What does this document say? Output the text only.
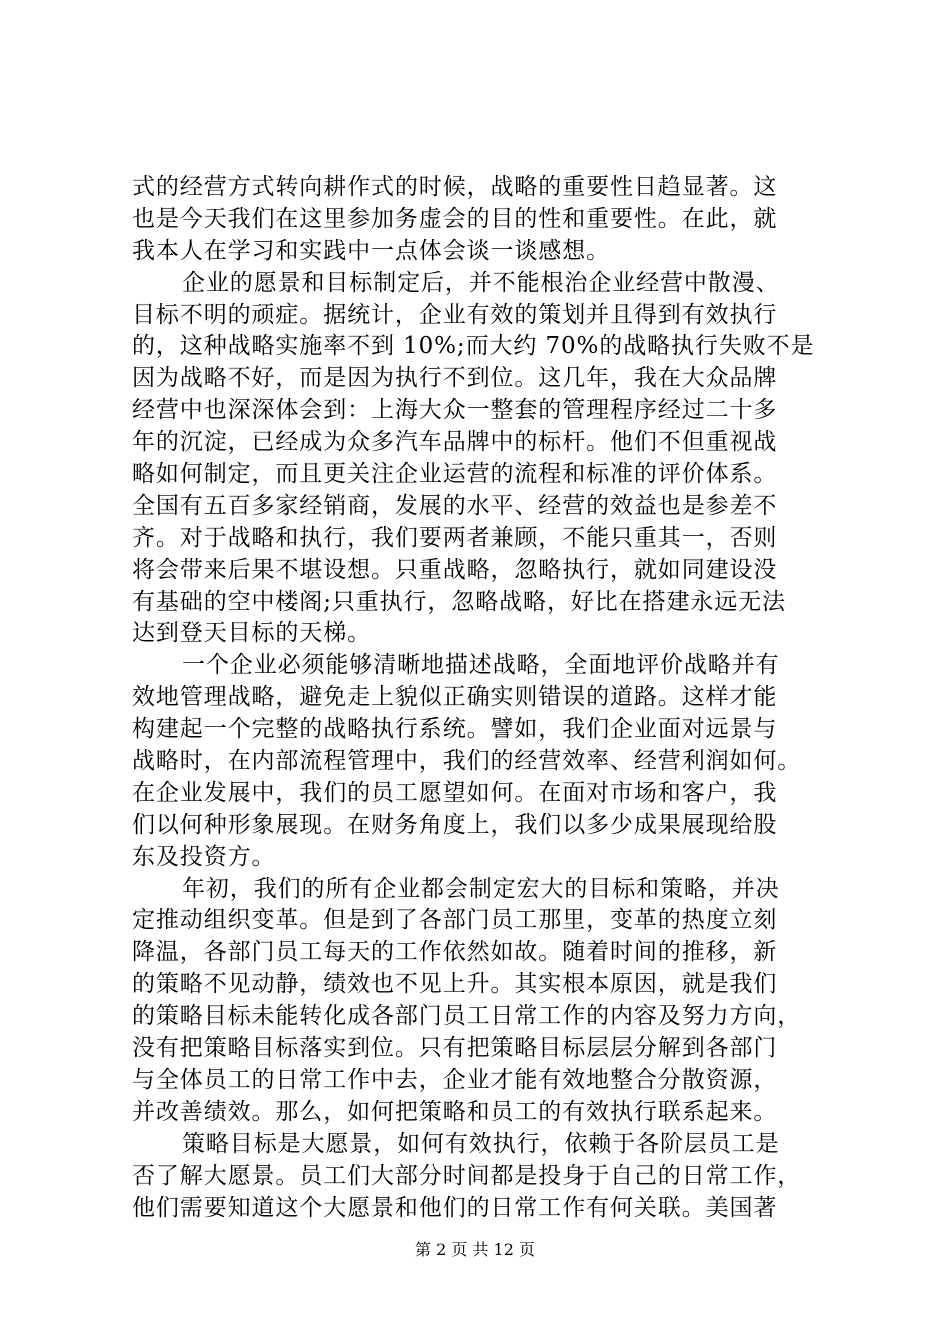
式的经营方式转向耕作式的时候，战略的重要性日趋显著。这
也是今天我们在这里参加务虚会的目的性和重要性。在此，就
我本人在学习和实践中一点体会谈一谈感想。
企业的愿景和目标制定后，并不能根治企业经营中散漫、
目标不明的顽症。据统计，企业有效的策划并且得到有效执行
的，这种战略实施率不到 10%;而大约 70%的战略执行失败不是
因为战略不好，而是因为执行不到位。这几年，我在大众品牌
经营中也深深体会到：上海大众一整套的管理程序经过二十多
年的沉淀，已经成为众多汽车品牌中的标杆。他们不但重视战
略如何制定，而且更关注企业运营的流程和标准的评价体系。
全国有五百多家经销商，发展的水平、经营的效益也是参差不
齐。对于战略和执行，我们要两者兼顾，不能只重其一，否则
将会带来后果不堪设想。只重战略，忽略执行，就如同建设没
有基础的空中楼阁;只重执行，忽略战略，好比在搭建永远无法
达到登天目标的天梯。
一个企业必须能够清晰地描述战略，全面地评价战略并有
效地管理战略，避免走上貌似正确实则错误的道路。这样才能
构建起一个完整的战略执行系统。譬如，我们企业面对远景与
战略时，在内部流程管理中，我们的经营效率、经营利润如何。
在企业发展中，我们的员工愿望如何。在面对市场和客户，我
们以何种形象展现。在财务角度上，我们以多少成果展现给股
东及投资方。
年初，我们的所有企业都会制定宏大的目标和策略，并决
定推动组织变革。但是到了各部门员工那里，变革的热度立刻
降温，各部门员工每天的工作依然如故。随着时间的推移，新
的策略不见动静，绩效也不见上升。其实根本原因，就是我们
的策略目标未能转化成各部门员工日常工作的内容及努力方向，
没有把策略目标落实到位。只有把策略目标层层分解到各部门
与全体员工的日常工作中去，企业才能有效地整合分散资源，
并改善绩效。那么，如何把策略和员工的有效执行联系起来。
策略目标是大愿景，如何有效执行，依赖于各阶层员工是
否了解大愿景。员工们大部分时间都是投身于自己的日常工作，
他们需要知道这个大愿景和他们的日常工作有何关联。美国著
第 2 页 共 12 页
